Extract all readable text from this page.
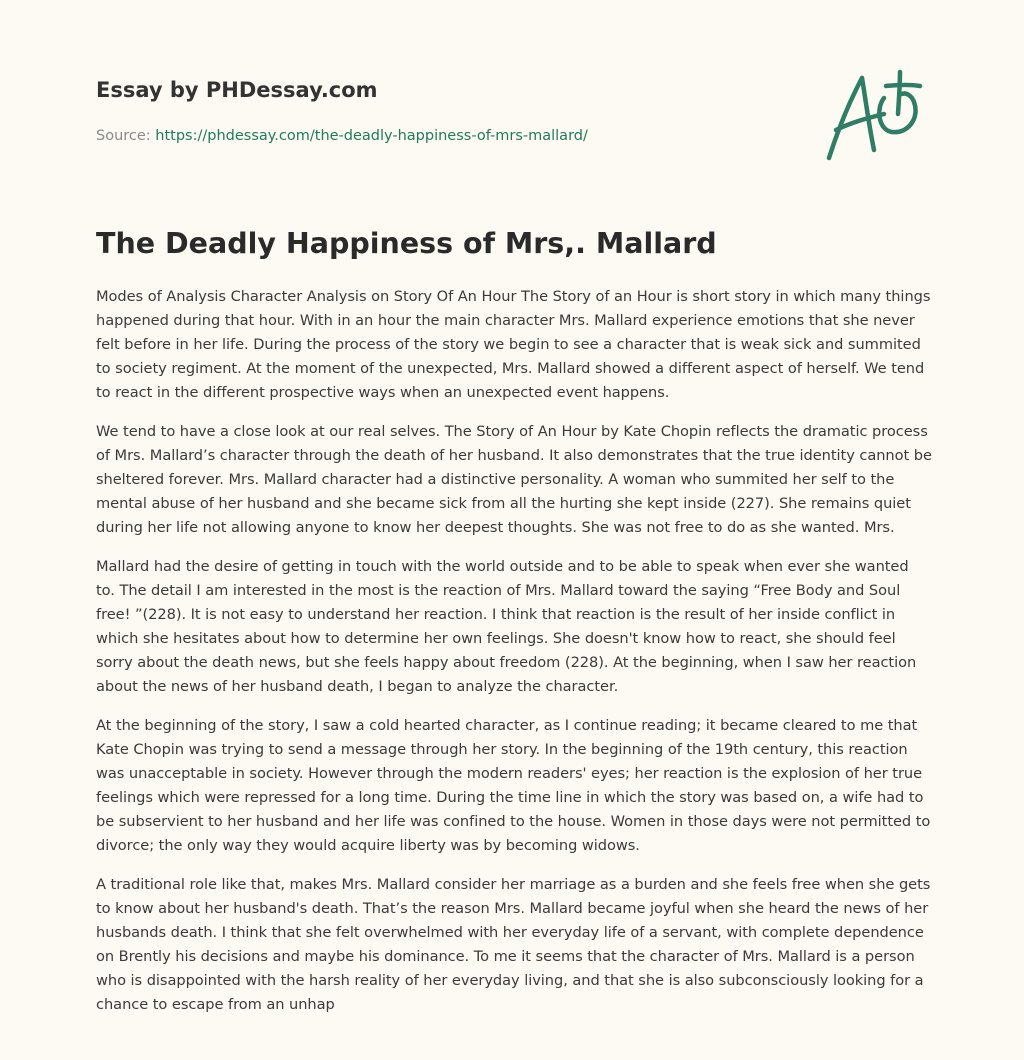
Essay by PHDessay.com
Source: https://phdessay.com/the-deadly-happiness-of-mrs-mallard/
The Deadly Happiness of Mrs,. Mallard

Modes of Analysis Character Analysis on Story Of An Hour The Story of an Hour is short story in which many things happened during that hour. With in an hour the main character Mrs. Mallard experience emotions that she never felt before in her life. During the process of the story we begin to see a character that is weak sick and summited to society regiment. At the moment of the unexpected, Mrs. Mallard showed a different aspect of herself. We tend to react in the different prospective ways when an unexpected event happens.

We tend to have a close look at our real selves. The Story of An Hour by Kate Chopin reflects the dramatic process of Mrs. Mallard’s character through the death of her husband. It also demonstrates that the true identity cannot be sheltered forever. Mrs. Mallard character had a distinctive personality. A woman who summited her self to the mental abuse of her husband and she became sick from all the hurting she kept inside (227). She remains quiet during her life not allowing anyone to know her deepest thoughts. She was not free to do as she wanted. Mrs.

Mallard had the desire of getting in touch with the world outside and to be able to speak when ever she wanted to. The detail I am interested in the most is the reaction of Mrs. Mallard toward the saying “Free Body and Soul free! ”(228). It is not easy to understand her reaction. I think that reaction is the result of her inside conflict in which she hesitates about how to determine her own feelings. She doesn't know how to react, she should feel sorry about the death news, but she feels happy about freedom (228). At the beginning, when I saw her reaction about the news of her husband death, I began to analyze the character.

At the beginning of the story, I saw a cold hearted character, as I continue reading; it became cleared to me that Kate Chopin was trying to send a message through her story. In the beginning of the 19th century, this reaction was unacceptable in society. However through the modern readers' eyes; her reaction is the explosion of her true feelings which were repressed for a long time. During the time line in which the story was based on, a wife had to be subservient to her husband and her life was confined to the house. Women in those days were not permitted to divorce; the only way they would acquire liberty was by becoming widows.

A traditional role like that, makes Mrs. Mallard consider her marriage as a burden and she feels free when she gets to know about her husband's death. That’s the reason Mrs. Mallard became joyful when she heard the news of her husbands death. I think that she felt overwhelmed with her everyday life of a servant, with complete dependence on Brently his decisions and maybe his dominance. To me it seems that the character of Mrs. Mallard is a person who is disappointed with the harsh reality of her everyday living, and that she is also subconsciously looking for a chance to escape from an unhap
